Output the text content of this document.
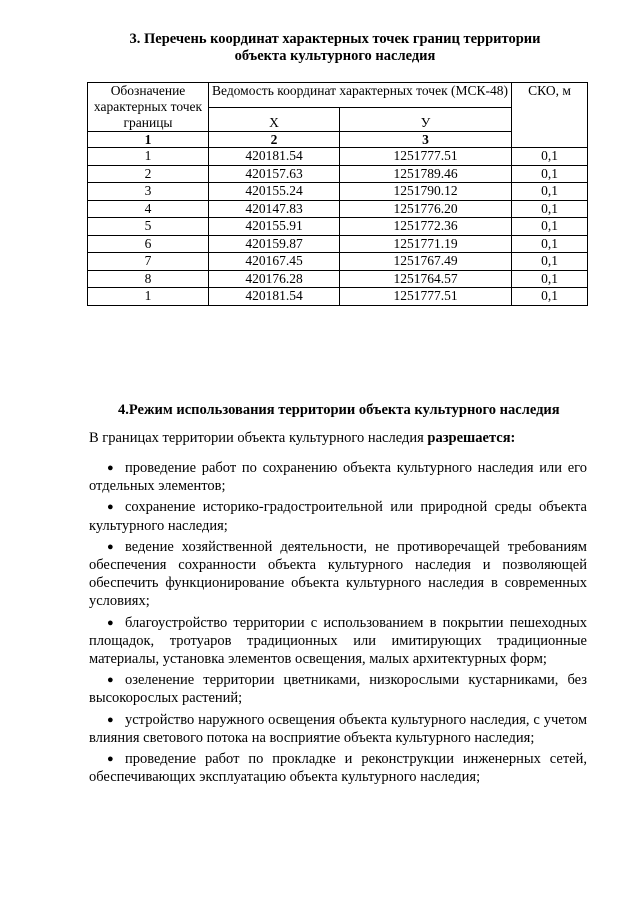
3. Перечень координат характерных точек границ территории
объекта культурного наследия
Обозначение характерных точек границы	Ведомость координат характерных точек (МСК-48)		СКО, м
	Х	У	
1	2	3	
1	420181.54	1251777.51	0,1
2	420157.63	1251789.46	0,1
3	420155.24	1251790.12	0,1
4	420147.83	1251776.20	0,1
5	420155.91	1251772.36	0,1
6	420159.87	1251771.19	0,1
7	420167.45	1251767.49	0,1
8	420176.28	1251764.57	0,1
1	420181.54	1251777.51	0,1
4.Режим использования территории объекта культурного наследия
В границах территории объекта культурного наследия разрешается:
● проведение работ по сохранению объекта культурного наследия или его отдельных элементов;
● сохранение историко-градостроительной или природной среды объекта культурного наследия;
● ведение хозяйственной деятельности, не противоречащей требованиям обеспечения сохранности объекта культурного наследия и позволяющей обеспечить функционирование объекта культурного наследия в современных условиях;
● благоустройство территории с использованием в покрытии пешеходных площадок, тротуаров традиционных или имитирующих традиционные материалы, установка элементов освещения, малых архитектурных форм;
● озеленение территории цветниками, низкорослыми кустарниками, без высокорослых растений;
● устройство наружного освещения объекта культурного наследия, с учетом влияния светового потока на восприятие объекта культурного наследия;
● проведение работ по прокладке и реконструкции инженерных сетей, обеспечивающих эксплуатацию объекта культурного наследия;
